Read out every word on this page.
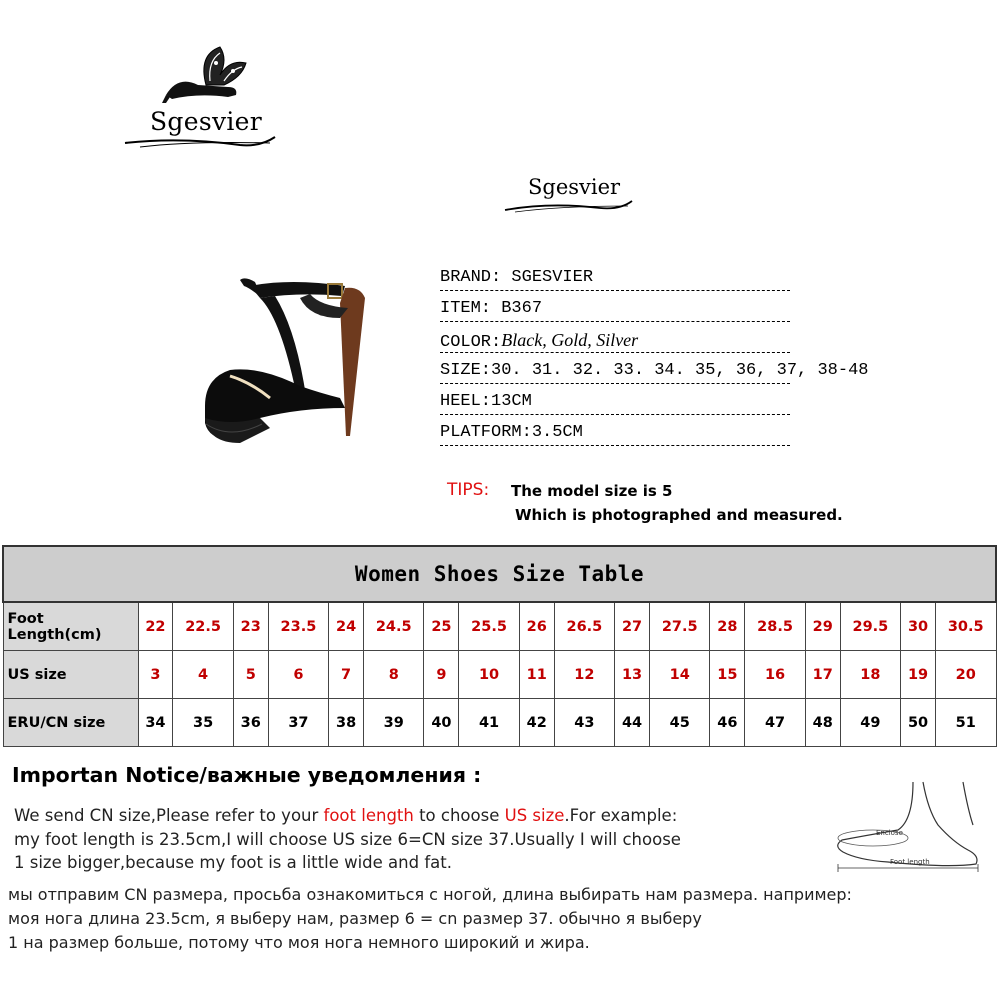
Sgesvier
Sgesvier
BRAND: SGESVIER
ITEM: B367
COLOR:Black, Gold, Silver
SIZE:30. 31. 32. 33. 34. 35, 36, 37, 38-48
HEEL:13CM
PLATFORM:3.5CM
TIPS: The model size is 5
Which is photographed and measured.
Women Shoes Size Table																		
Foot Length(cm)	22	22.5	23	23.5	24	24.5	25	25.5	26	26.5	27	27.5	28	28.5	29	29.5	30	30.5
US size	3	4	5	6	7	8	9	10	11	12	13	14	15	16	17	18	19	20
ERU/CN size	34	35	36	37	38	39	40	41	42	43	44	45	46	47	48	49	50	51
Importan Notice/важные уведомления :
We send CN size,Please refer to your foot length to choose US size.For example:
my foot length is 23.5cm,I will choose US size 6=CN size 37.Usually I will choose
1 size bigger,because my foot is a little wide and fat.
мы отправим CN размера, просьба ознакомиться с ногой, длина выбирать нам размера. например:
моя нога длина 23.5cm, я выберу нам, размер 6 = cn размер 37. обычно я выберу
1 на размер больше, потому что моя нога немного широкий и жира.
Enclose
Foot length
